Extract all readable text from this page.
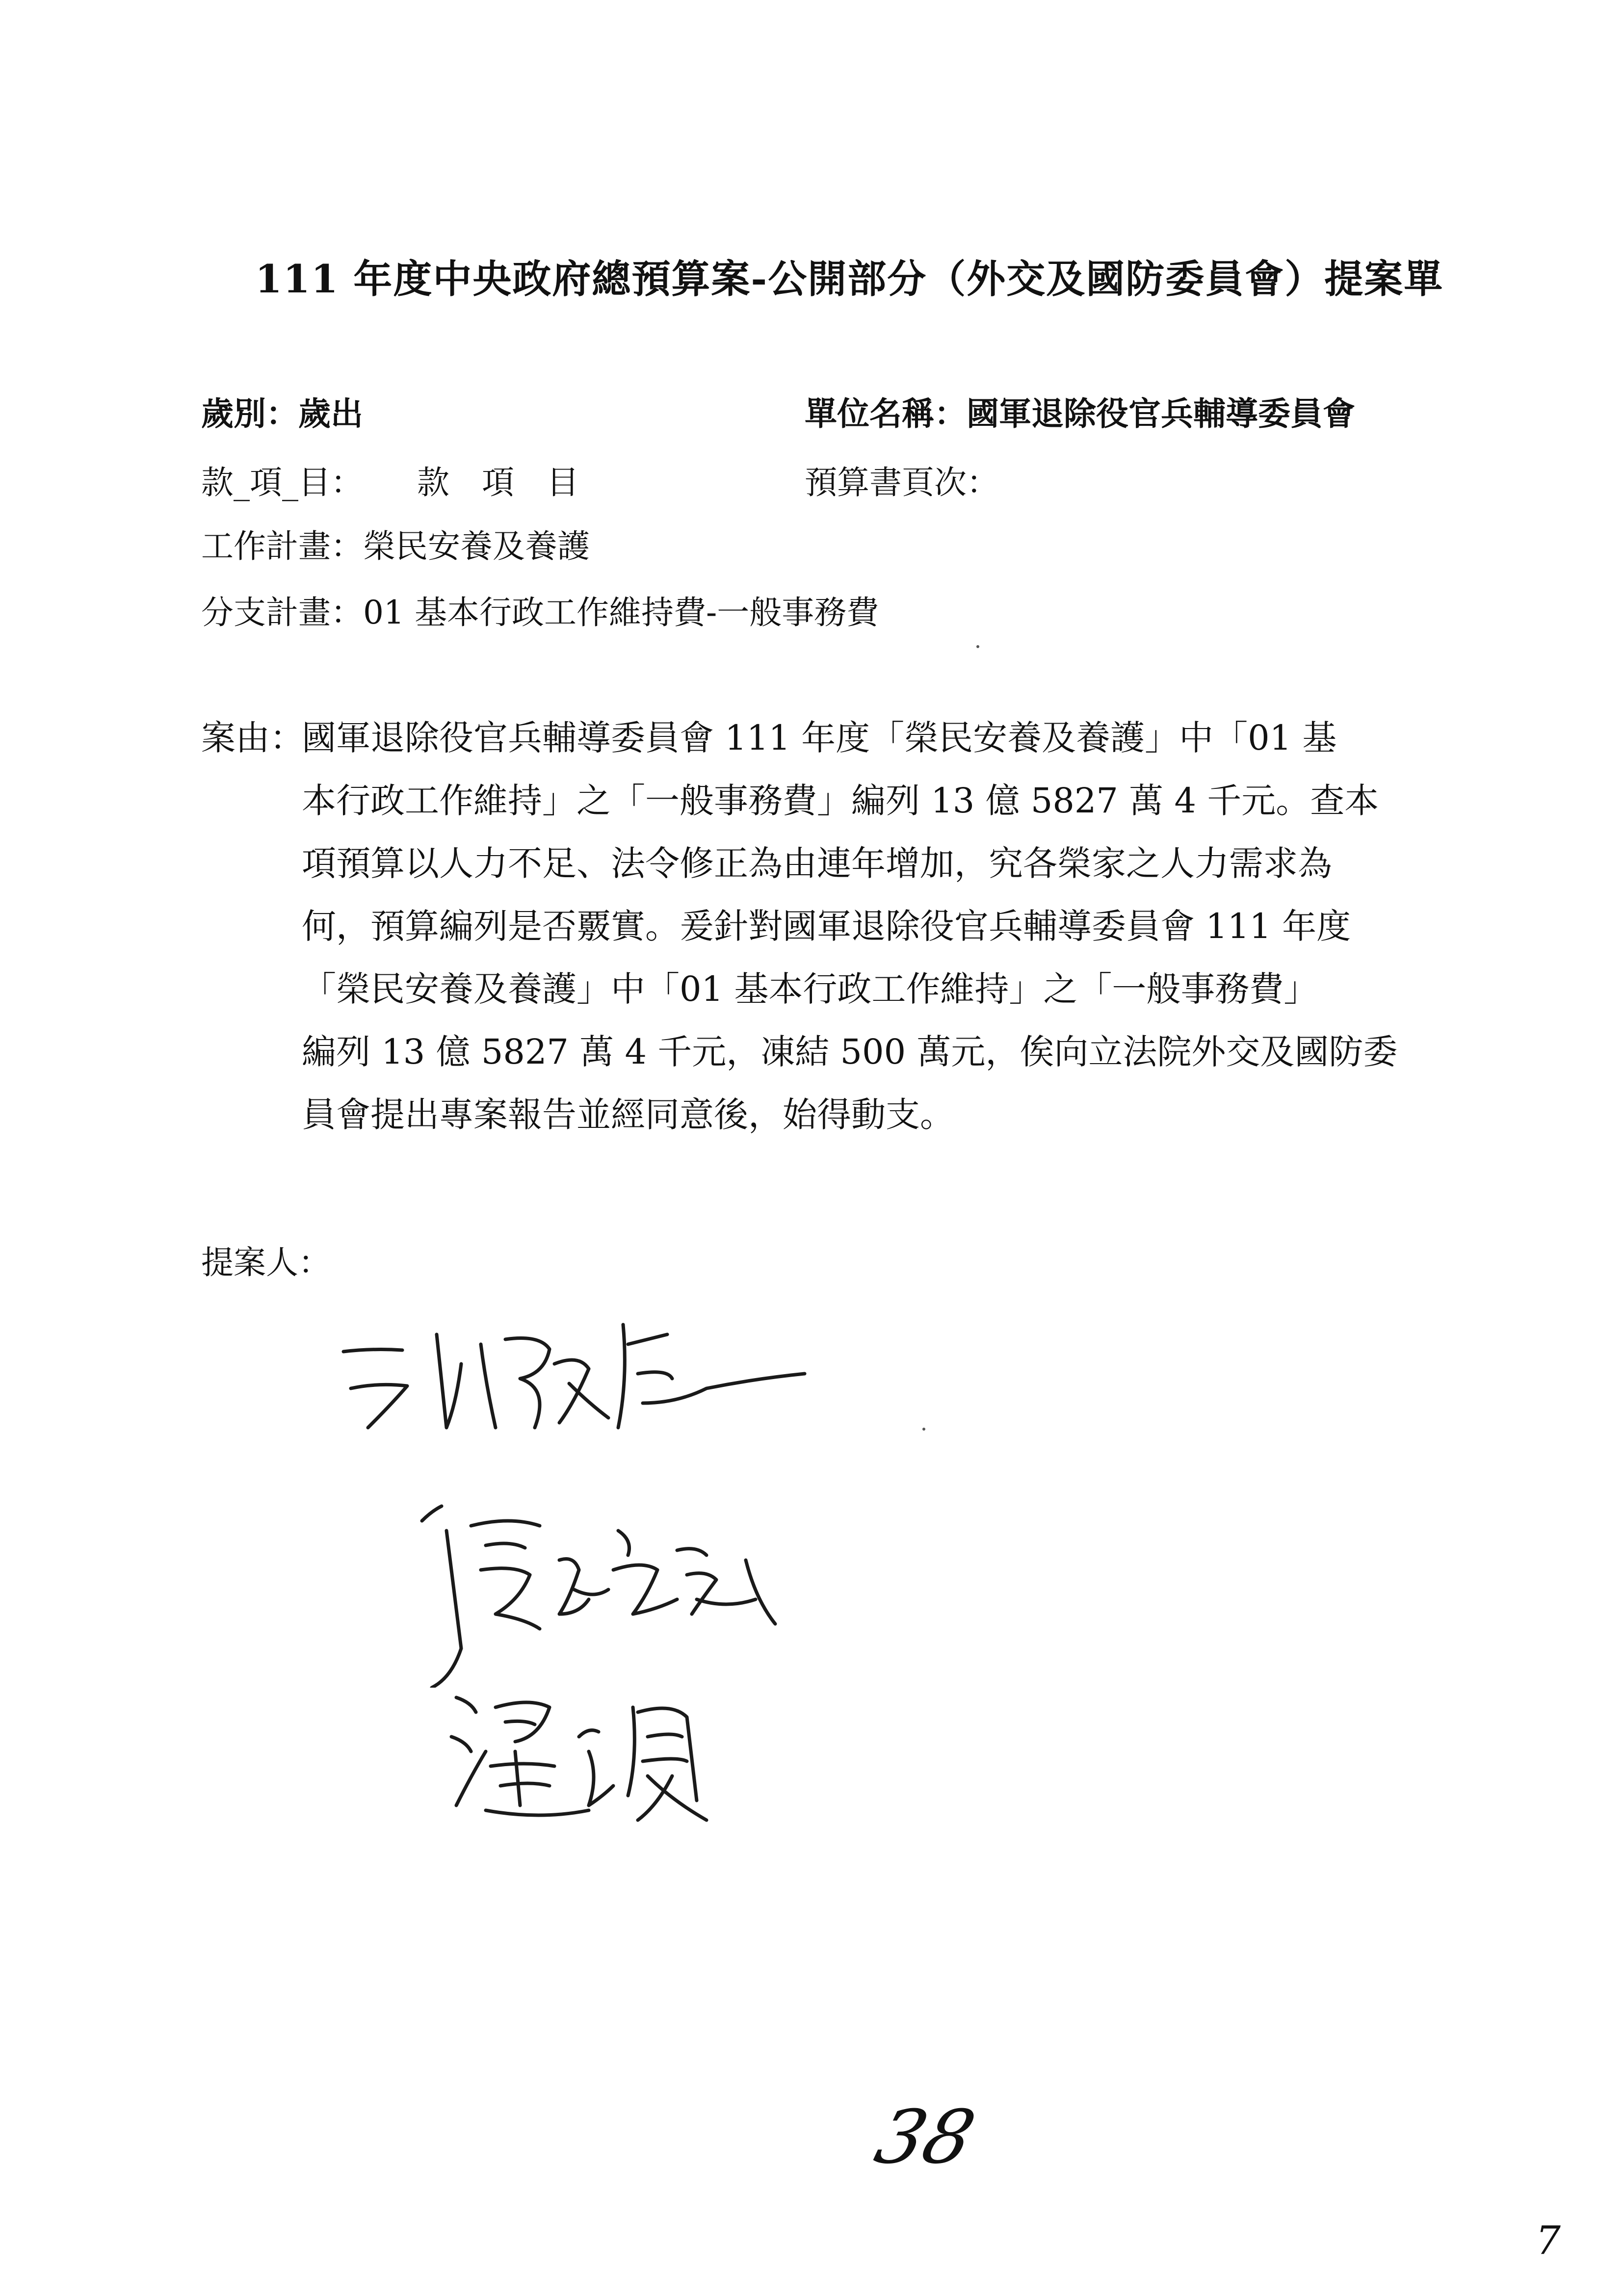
111 年度中央政府總預算案-公開部分（外交及國防委員會）提案單
歲別：歲出	單位名稱：國軍退除役官兵輔導委員會
款_項_目： 款　項　目	預算書頁次：
工作計畫：榮民安養及養護
分支計畫：01 基本行政工作維持費-一般事務費
案由：
國軍退除役官兵輔導委員會 111 年度「榮民安養及養護」中「01 基
本行政工作維持」之「一般事務費」編列 13 億 5827 萬 4 千元。查本
項預算以人力不足、法令修正為由連年增加，究各榮家之人力需求為
何，預算編列是否覈實。爰針對國軍退除役官兵輔導委員會 111 年度
「榮民安養及養護」中「01 基本行政工作維持」之「一般事務費」
編列 13 億 5827 萬 4 千元，凍結 500 萬元，俟向立法院外交及國防委
員會提出專案報告並經同意後，始得動支。
提案人：
38
7
